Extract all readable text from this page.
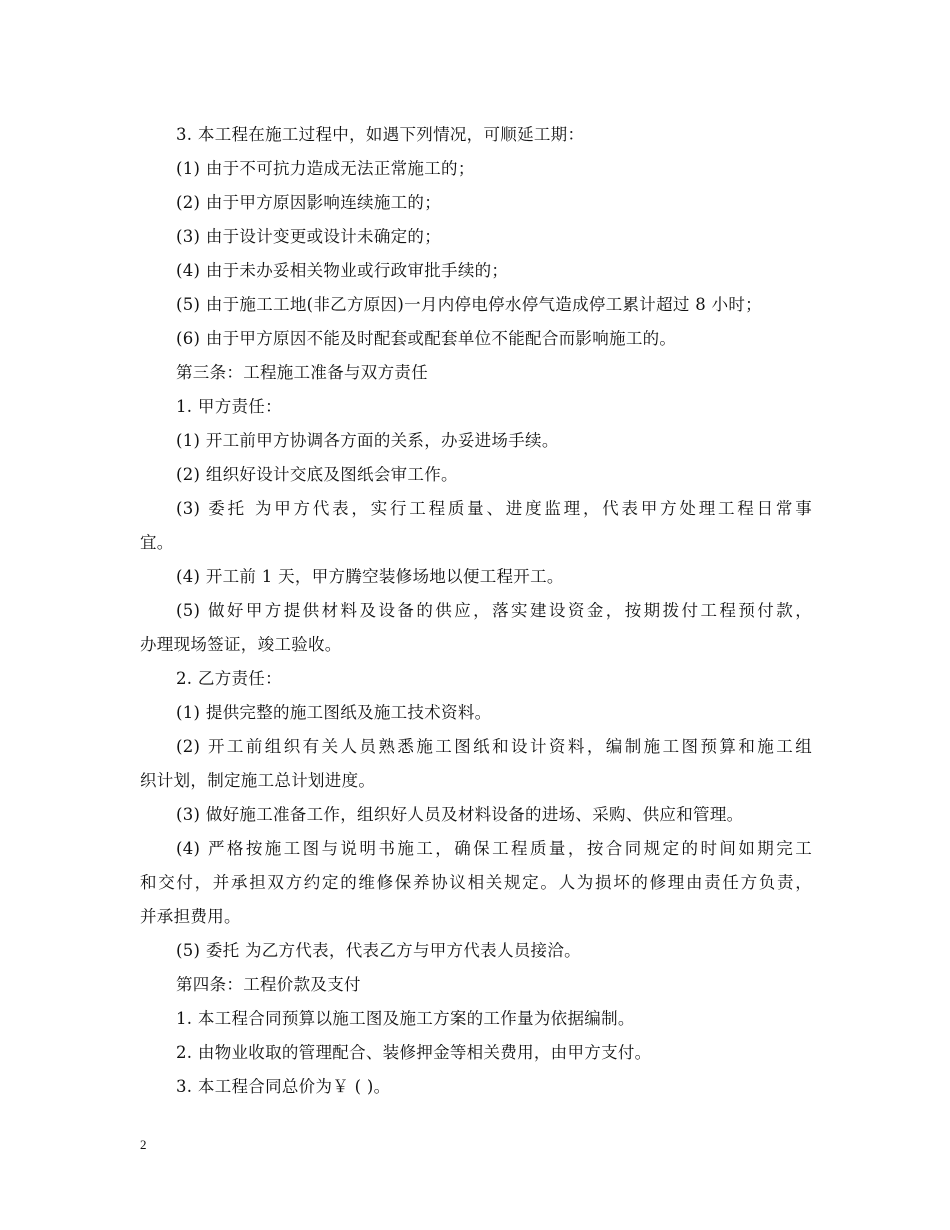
3. 本工程在施工过程中，如遇下列情况，可顺延工期：
(1) 由于不可抗力造成无法正常施工的；
(2) 由于甲方原因影响连续施工的；
(3) 由于设计变更或设计未确定的；
(4) 由于未办妥相关物业或行政审批手续的；
(5) 由于施工工地(非乙方原因)一月内停电停水停气造成停工累计超过 8 小时；
(6) 由于甲方原因不能及时配套或配套单位不能配合而影响施工的。
第三条：工程施工准备与双方责任
1. 甲方责任：
(1) 开工前甲方协调各方面的关系，办妥进场手续。
(2) 组织好设计交底及图纸会审工作。
(3) 委托 为甲方代表，实行工程质量、进度监理，代表甲方处理工程日常事
宜。
(4) 开工前 1 天，甲方腾空装修场地以便工程开工。
(5) 做好甲方提供材料及设备的供应，落实建设资金，按期拨付工程预付款，
办理现场签证，竣工验收。
2. 乙方责任：
(1) 提供完整的施工图纸及施工技术资料。
(2) 开工前组织有关人员熟悉施工图纸和设计资料，编制施工图预算和施工组
织计划，制定施工总计划进度。
(3) 做好施工准备工作，组织好人员及材料设备的进场、采购、供应和管理。
(4) 严格按施工图与说明书施工，确保工程质量，按合同规定的时间如期完工
和交付，并承担双方约定的维修保养协议相关规定。人为损坏的修理由责任方负责，
并承担费用。
(5) 委托 为乙方代表，代表乙方与甲方代表人员接洽。
第四条：工程价款及支付
1. 本工程合同预算以施工图及施工方案的工作量为依据编制。
2. 由物业收取的管理配合、装修押金等相关费用，由甲方支付。
3. 本工程合同总价为￥ ( )。
2
